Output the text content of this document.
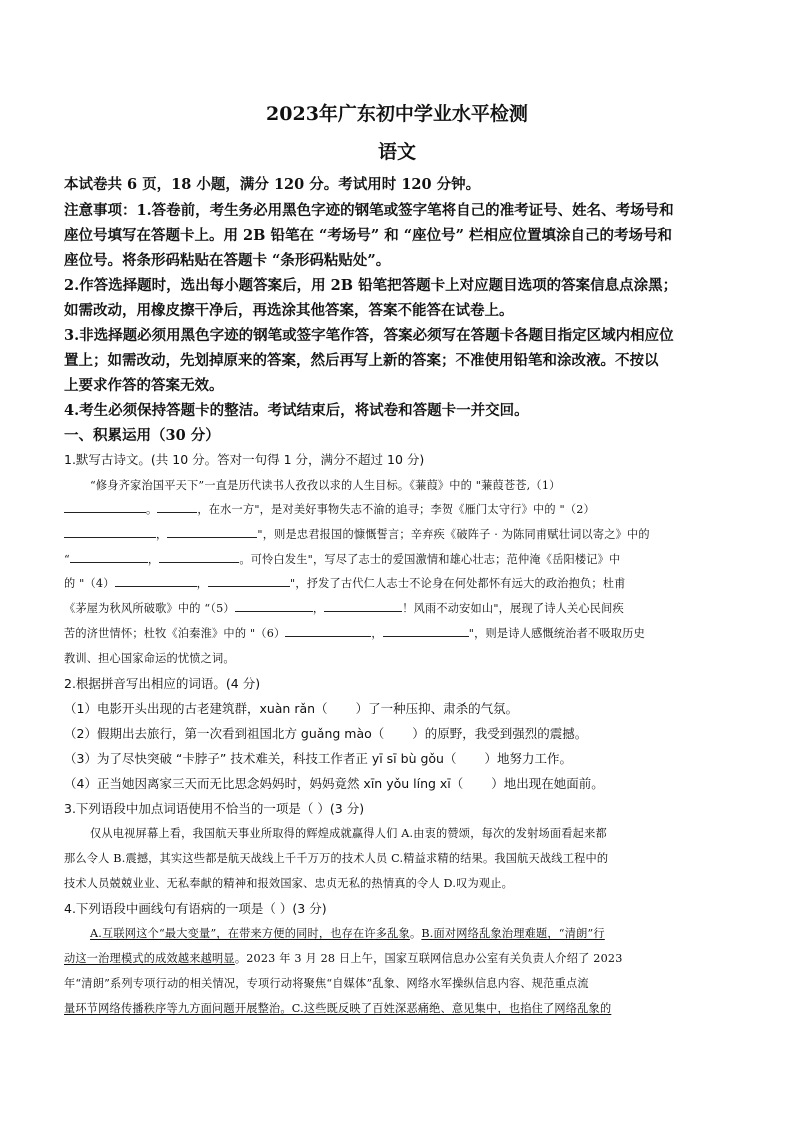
2023年广东初中学业水平检测
语文
本试卷共 6 页，18 小题，满分 120 分。考试用时 120 分钟。
注意事项：1.答卷前，考生务必用黑色字迹的钢笔或签字笔将自己的准考证号、姓名、考场号和
座位号填写在答题卡上。用 2B 铅笔在 “考场号” 和 “座位号” 栏相应位置填涂自己的考场号和
座位号。将条形码粘贴在答题卡 “条形码粘贴处”。
2.作答选择题时，选出每小题答案后，用 2B 铅笔把答题卡上对应题目选项的答案信息点涂黑；
如需改动，用橡皮擦干净后，再选涂其他答案，答案不能答在试卷上。
3.非选择题必须用黑色字迹的钢笔或签字笔作答，答案必须写在答题卡各题目指定区域内相应位
置上；如需改动，先划掉原来的答案，然后再写上新的答案；不准使用铅笔和涂改液。不按以
上要求作答的答案无效。
4.考生必须保持答题卡的整洁。考试结束后，将试卷和答题卡一并交回。
一、积累运用（30 分）
1.默写古诗文。(共 10 分。答对一句得 1 分，满分不超过 10 分)
“修身齐家治国平天下”一直是历代读书人孜孜以求的人生目标。《蒹葭》中的 "蒹葭苍苍,（1）
。	，在水一方"，是对美好事物失志不渝的追寻；李贺《雁门太守行》中的 "（2）
，	"，则是忠君报国的慷慨誓言；辛弃疾《破阵子 · 为陈同甫赋壮词以寄之》中的
“	，	。可怜白发生"，写尽了志士的爱国激情和雄心壮志；范仲淹《岳阳楼记》中
的 "（4）	，	"，抒发了古代仁人志士不论身在何处都怀有远大的政治抱负；杜甫
《茅屋为秋风所破歌》中的 “（5）	，	！风雨不动安如山"，展现了诗人关心民间疾
苦的济世情怀；杜牧《泊秦淮》中的 "（6）	，	"，则是诗人感慨统治者不吸取历史
教训、担心国家命运的忧愤之词。
2.根据拼音写出相应的词语。(4 分)
（1）电影开头出现的古老建筑群，xuàn rǎn（ ）了一种压抑、肃杀的气氛。
（2）假期出去旅行，第一次看到祖国北方 guǎng mào（ ）的原野，我受到强烈的震撼。
（3）为了尽快突破 “卡脖子” 技术难关，科技工作者正 yī sī bù gǒu（ ）地努力工作。
（4）正当她因离家三天而无比思念妈妈时，妈妈竟然 xīn yǒu líng xī（ ）地出现在她面前。
3.下列语段中加点词语使用不恰当的一项是（ ）(3 分)
仅从电视屏幕上看，我国航天事业所取得的辉煌成就赢得人们 A.由衷的赞颂，每次的发射场面看起来都
那么令人 B.震撼，其实这些都是航天战线上千千万万的技术人员 C.精益求精的结果。我国航天战线工程中的
技术人员兢兢业业、无私奉献的精神和报效国家、忠贞无私的热情真的令人 D.叹为观止。
4.下列语段中画线句有语病的一项是（ ）(3 分)
A.互联网这个“最大变量”，在带来方便的同时，也存在许多乱象。B.面对网络乱象治理难题，“清朗”行
动这一治理模式的成效越来越明显。2023 年 3 月 28 日上午，国家互联网信息办公室有关负责人介绍了 2023
年“清朗”系列专项行动的相关情况，专项行动将聚焦“自媒体”乱象、网络水军操纵信息内容、规范重点流
量环节网络传播秩序等九方面问题开展整治。C.这些既反映了百姓深恶痛绝、意见集中，也掐住了网络乱象的
